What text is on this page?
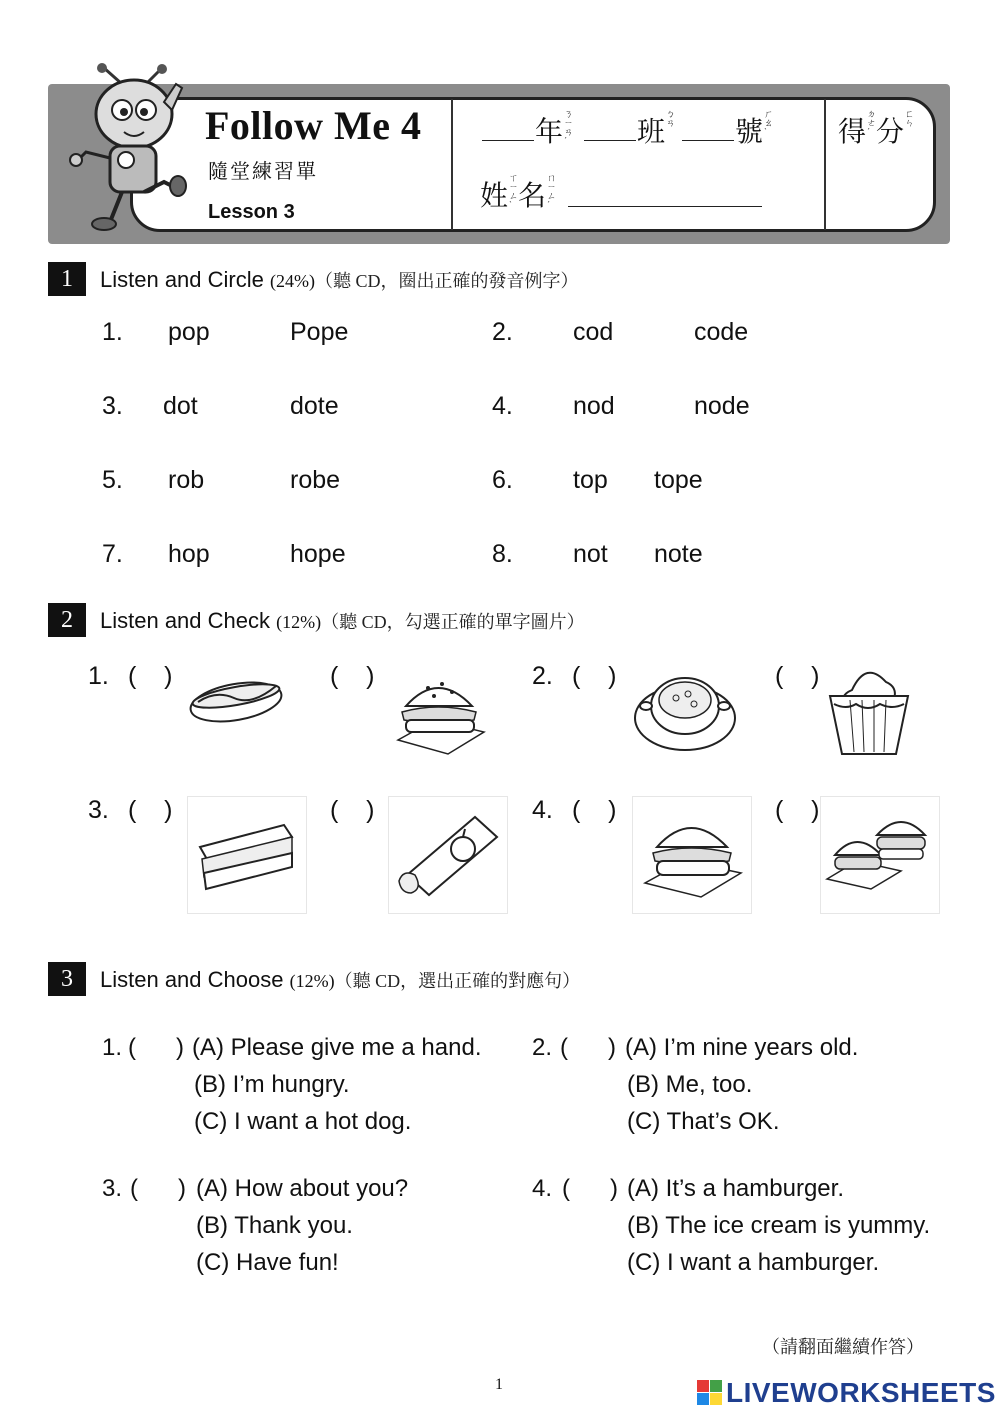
Follow Me 4
隨堂練習單
Lesson 3
年ㄋㄧㄢˊ 班ㄅㄢ 號ㄏㄠˋ
姓ㄒㄧㄥˋ 名ㄇㄧㄥˊ
得ㄉㄜˊ 分ㄈㄣ
1	Listen and Circle (24%)（聽 CD，圈出正確的發音例字）
1. pop	Pope	2. cod	code
3. dot	dote	4. nod	node
5. rob	robe	6. top tope
7. hop	hope	8. not note
2	Listen and Check (12%)（聽 CD，勾選正確的單字圖片）
1. (    )	(    )	2. (    )	(    )
3. (    )	(    )	4. (    )	(    )
3	Listen and Choose (12%)（聽 CD，選出正確的對應句）
1. (      ) (A) Please give me a hand.
(B) I’m hungry.
(C) I want a hot dog.
2. (      ) (A) I’m nine years old.
(B) Me, too.
(C) That’s OK.
3. (      ) (A) How about you?
(B) Thank you.
(C) Have fun!
4. (      ) (A) It’s a hamburger.
(B) The ice cream is yummy.
(C) I want a hamburger.
（請翻面繼續作答）
1	LIVEWORKSHEETS
